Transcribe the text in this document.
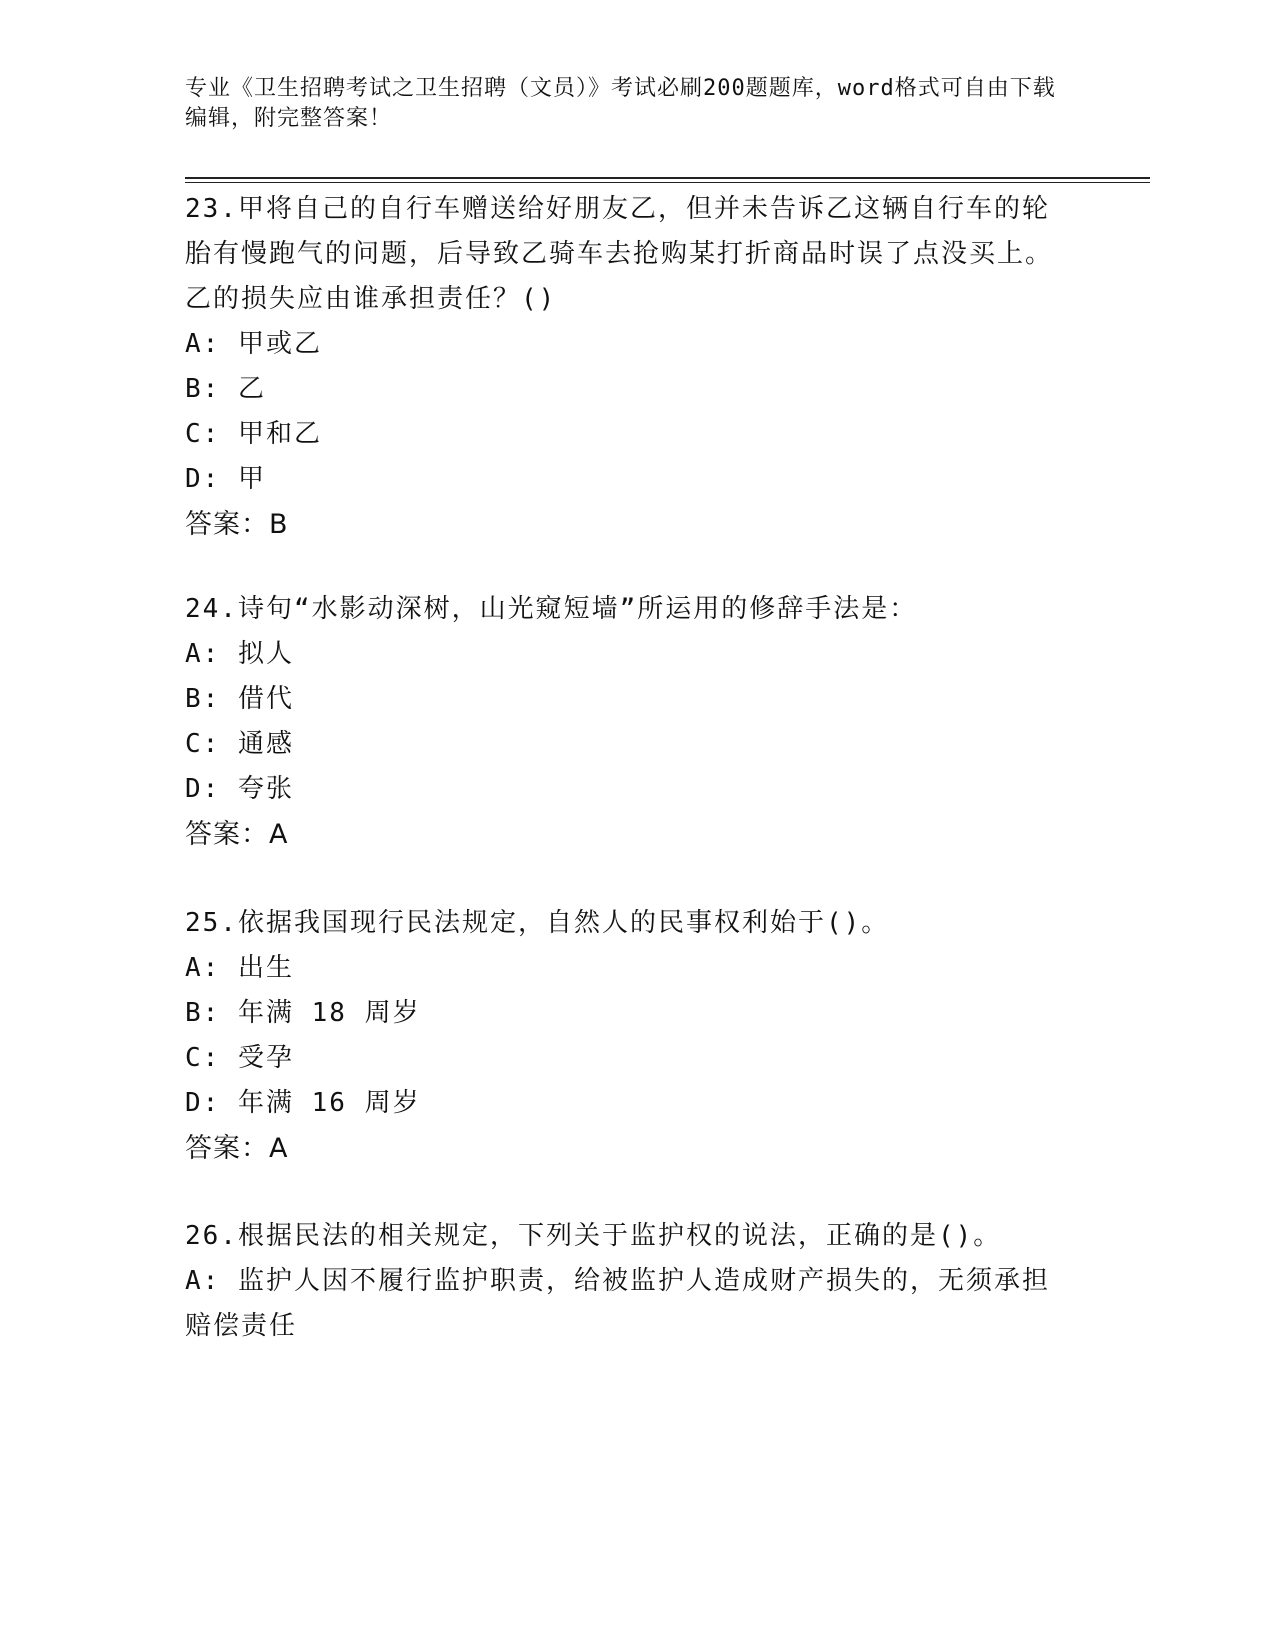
专业《卫生招聘考试之卫生招聘（文员）》考试必刷200题题库，word格式可自由下载编辑，附完整答案！
23.甲将自己的自行车赠送给好朋友乙，但并未告诉乙这辆自行车的轮胎有慢跑气的问题，后导致乙骑车去抢购某打折商品时误了点没买上。乙的损失应由谁承担责任？()
A: 甲或乙
B: 乙
C: 甲和乙
D: 甲
答案：B
24.诗句“水影动深树，山光窥短墙”所运用的修辞手法是：
A: 拟人
B: 借代
C: 通感
D: 夸张
答案：A
25.依据我国现行民法规定，自然人的民事权利始于()。
A: 出生
B: 年满 18 周岁
C: 受孕
D: 年满 16 周岁
答案：A
26.根据民法的相关规定，下列关于监护权的说法，正确的是()。
A: 监护人因不履行监护职责，给被监护人造成财产损失的，无须承担赔偿责任
